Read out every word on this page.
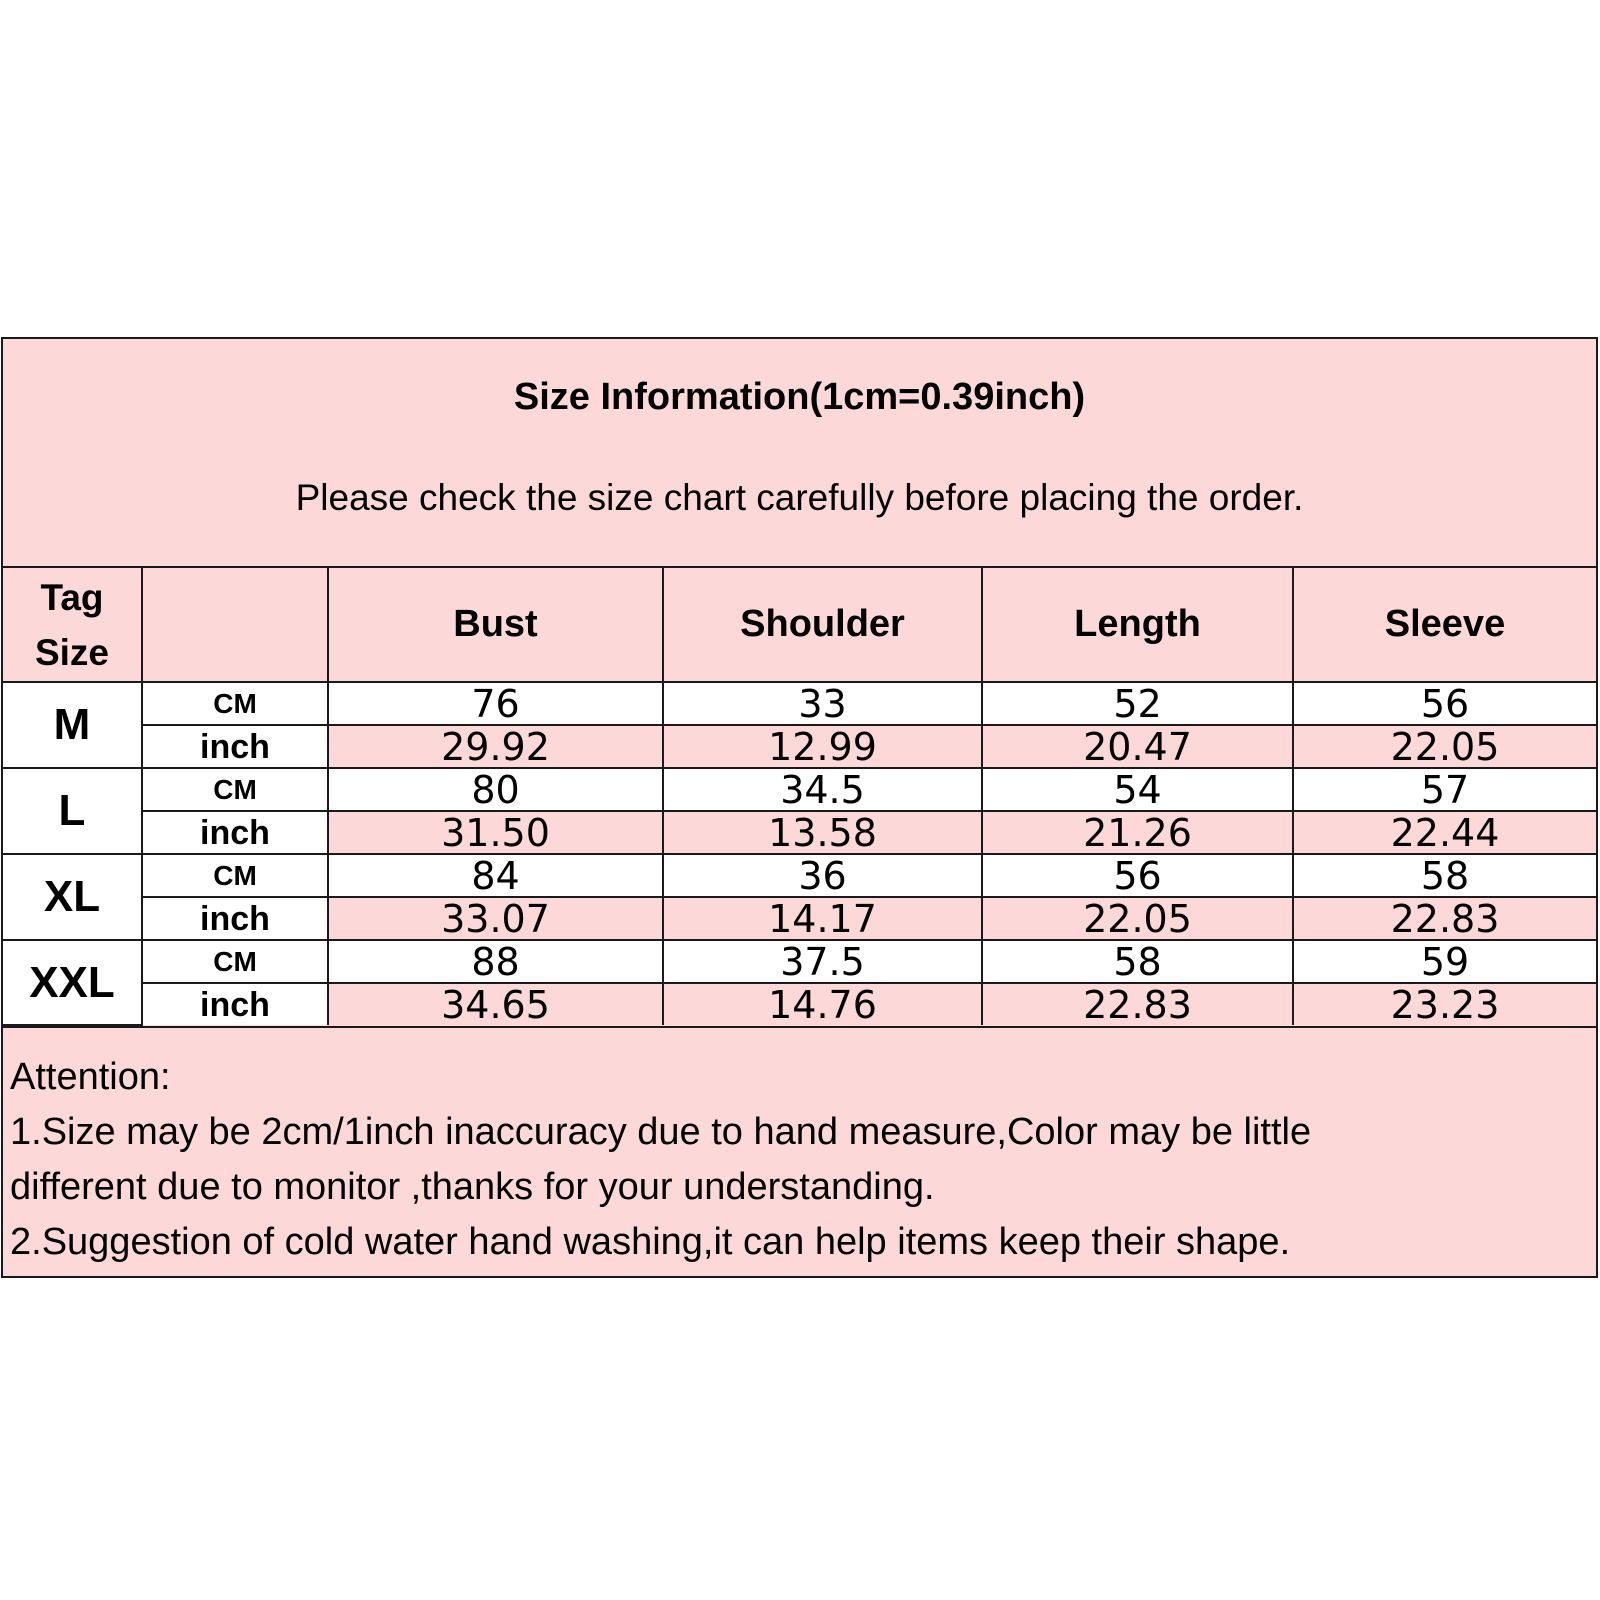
Size Information(1cm=0.39inch)
Please check the size chart carefully before placing the order.
Tag
Size		Bust	Shoulder	Length	Sleeve
M	CM	76	33	52	56
	inch	29.92	12.99	20.47	22.05
L	CM	80	34.5	54	57
	inch	31.50	13.58	21.26	22.44
XL	CM	84	36	56	58
	inch	33.07	14.17	22.05	22.83
XXL	CM	88	37.5	58	59
	inch	34.65	14.76	22.83	23.23
Attention:
1.Size may be 2cm/1inch inaccuracy due to hand measure,Color may be little
different due to monitor ,thanks for your understanding.
2.Suggestion of cold water hand washing,it can help items keep their shape.
